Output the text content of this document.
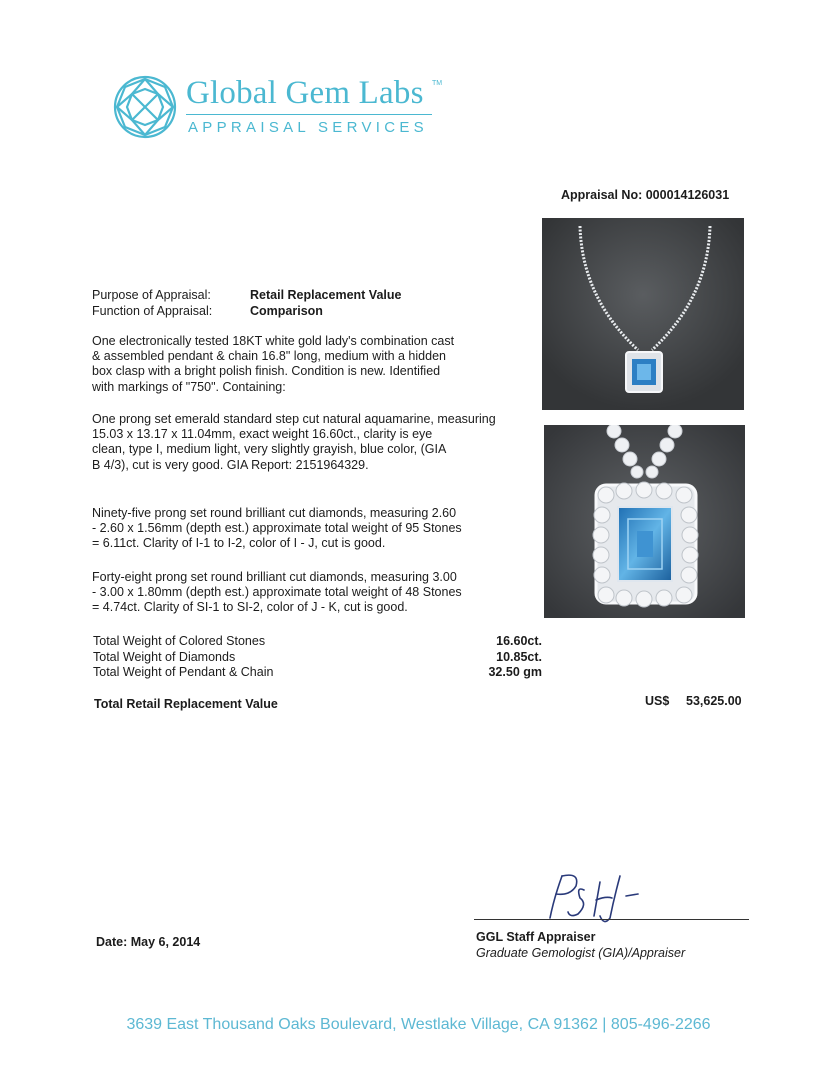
Global Gem Labs TM
APPRAISAL SERVICES
Appraisal No: 000014126031
Purpose of Appraisal:	Retail Replacement Value
Function of Appraisal:	Comparison
One electronically tested 18KT white gold lady's combination cast
& assembled pendant & chain 16.8" long, medium with a hidden
box clasp with a bright polish finish. Condition is new. Identified
with markings of "750". Containing:
One prong set emerald standard step cut natural aquamarine, measuring
15.03 x 13.17 x 11.04mm, exact weight 16.60ct., clarity is eye
clean, type I, medium light, very slightly grayish, blue color, (GIA
B 4/3), cut is very good. GIA Report: 2151964329.
Ninety-five prong set round brilliant cut diamonds, measuring 2.60
- 2.60 x 1.56mm (depth est.) approximate total weight of 95 Stones
= 6.11ct. Clarity of I-1 to I-2, color of I - J, cut is good.
Forty-eight prong set round brilliant cut diamonds, measuring 3.00
- 3.00 x 1.80mm (depth est.) approximate total weight of 48 Stones
= 4.74ct. Clarity of SI-1 to SI-2, color of J - K, cut is good.
Total Weight of Colored Stones	16.60ct.
Total Weight of Diamonds	10.85ct.
Total Weight of Pendant & Chain	32.50 gm
Total Retail Replacement Value	US$ 53,625.00
Date: May 6, 2014	GGL Staff Appraiser
Graduate Gemologist (GIA)/Appraiser
3639 East Thousand Oaks Boulevard, Westlake Village, CA 91362 | 805-496-2266
